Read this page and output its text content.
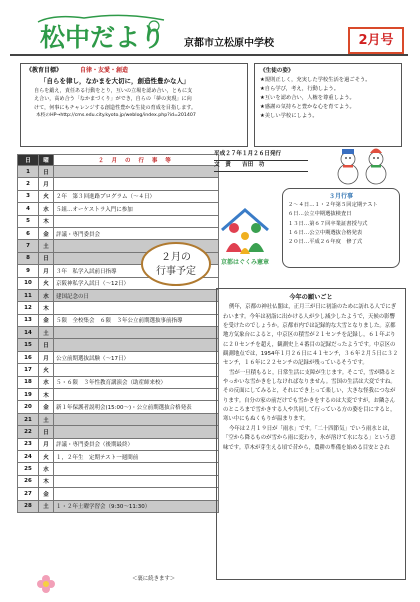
松中だより 京都市立松原中学校	2月号
《教育目標》	自律・友愛・創造
「自らを律し，なかまを大切に，創造性豊かな人」

自らを鍛え，責任ある行動をとり，互いの立場を認め合い，ともに支

え合い，高め合う「なかまづくり」ができ，自らの「夢の実現」に向

けて，何事にもチャレンジする創造性豊かな生徒の育成を目指します。

本校のHP→http://cms.edu.city.kyoto.jp/weblog/index.php?id=201407
《生徒の姿》
★規則正しく，充実した学校生活を過ごそう。
★自ら学び，考え，行動しよう。
★互いを認め合い，人権を尊重しよう。
★感謝の気持ちと豊かな心を育てよう。
★美しい学校にしよう。
日	曜	２ 月 の 行 事 等
1	日	
2	月	
3	火	２年　第３回進路プログラム（～４日）
4	水	５組…オーケストラ入門に参加
5	木	
6	金	評議・専門委員会
7	土	
8	日	
9	月	３年　私学入試前日指導
10	火	京阪神私学入試日（～12日）
11	水	建国記念の日
12	木	
13	金	５限　全校集会　６限　３年公立前期選抜事前指導
14	土	
15	日	
16	月	公立前期選抜試験（～17日）
17	火	
18	水	５・６限　３年性教育講演会（助産師来校）
19	木	
20	金	新１年保護者説明会(15:00～)・公立前期選抜合格発表
21	土	
22	日	
23	月	評議・専門委員会（後期最終）
24	火	１，２年生　定期テスト一週間前
25	水	
26	木	
27	金	
28	土	１・２年土曜学習会（9:30～11:30）
平成２７年１月２６日発行
文　責　　吉田　功
３月行事
２～４日…１・２年第５回定期テスト
６日…公立中期選抜検査日
１３日…第６７回卒業証書授与式
１６日…公立中期選抜合格発表
２０日…平成２６年度　修了式
京都はぐくみ憲章
２月の
行事予定
今年の願いごと

例年，京都の神社仏閣は，正月三が日に初詣のために訪れる人でにぎわいます。今年は初詣に出かける人が少し減少したようで，天候の影響を受けたのでしょうか。京都市内では記録的な大雪となりました。京都地方気象台によると，中京区の積雪が２１センチを記録し，６１年ぶりに２０センチを超え，観測史上４番目の記録だったようです。中京区の観測地点では，1954年１月２６日に４１センチ，３６年２月５日に３２センチ，１６年に２２センチの記録が残っているそうです。

雪が一旦積もると，日常生活に支障が生じます。そこで，雪が降るとやっかいな雪かきをしなければなりません。雪国の生活は大変ですね。その反面にしてみると，それにでき上って楽しい，大きな怪我につながります。自分の家の前だけでも雪かきをするのは大変ですが，お隣さんのところまで雪かきする人や共同して行っている方の姿を目にすると，寒い中にもぬくもりが温まります。

今年は２月１９日が「雨水」です。「二十四節気」でいう雨水とは，「空から降るものが雪から雨に変わり，氷が溶けて水になる」という意味です。草木が芽生える頃で昔から，農耕の準備を始める目安とされ

＜裏に続きます＞
